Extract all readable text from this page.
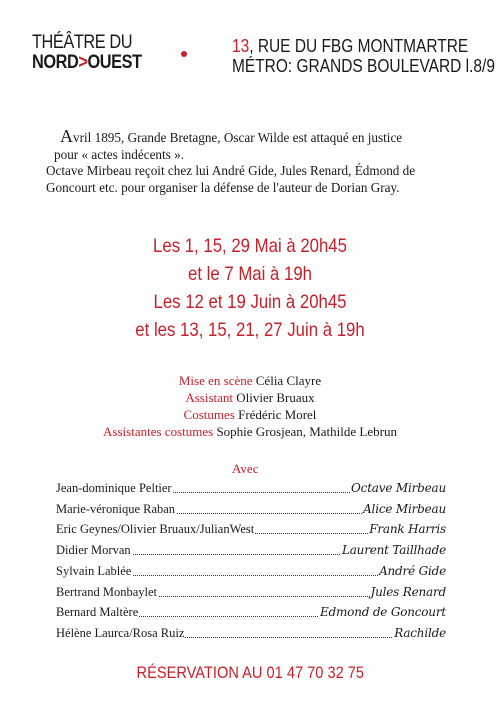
THÉÂTRE DU
NORD>OUEST
13, RUE DU FBG MONTMARTRE
MÉTRO: GRANDS BOULEVARD l.8/9

Avril 1895, Grande Bretagne, Oscar Wilde est attaqué en justice

pour « actes indécents ».

Octave Mirbeau reçoit chez lui André Gide, Jules Renard, Édmond de

Goncourt etc. pour organiser la défense de l'auteur de Dorian Gray.

Les 1, 15, 29 Mai à 20h45
et le 7 Mai à 19h
Les 12 et 19 Juin à 20h45
et les 13, 15, 21, 27 Juin à 19h
Mise en scène Célia Clayre
Assistant Olivier Bruaux
Costumes Frédéric Morel
Assistantes costumes Sophie Grosjean, Mathilde Lebrun
Avec
Jean-dominique Peltier	Octave Mirbeau
Marie-véronique Raban	Alice Mirbeau
Eric Geynes/Olivier Bruaux/JulianWest	Frank Harris
Didier Morvan	Laurent Taillhade
Sylvain Lablée	André Gide
Bertrand Monbaylet	Jules Renard
Bernard Maltère	Edmond de Goncourt
Hélène Laurca/Rosa Ruiz	Rachilde
RÉSERVATION AU 01 47 70 32 75
